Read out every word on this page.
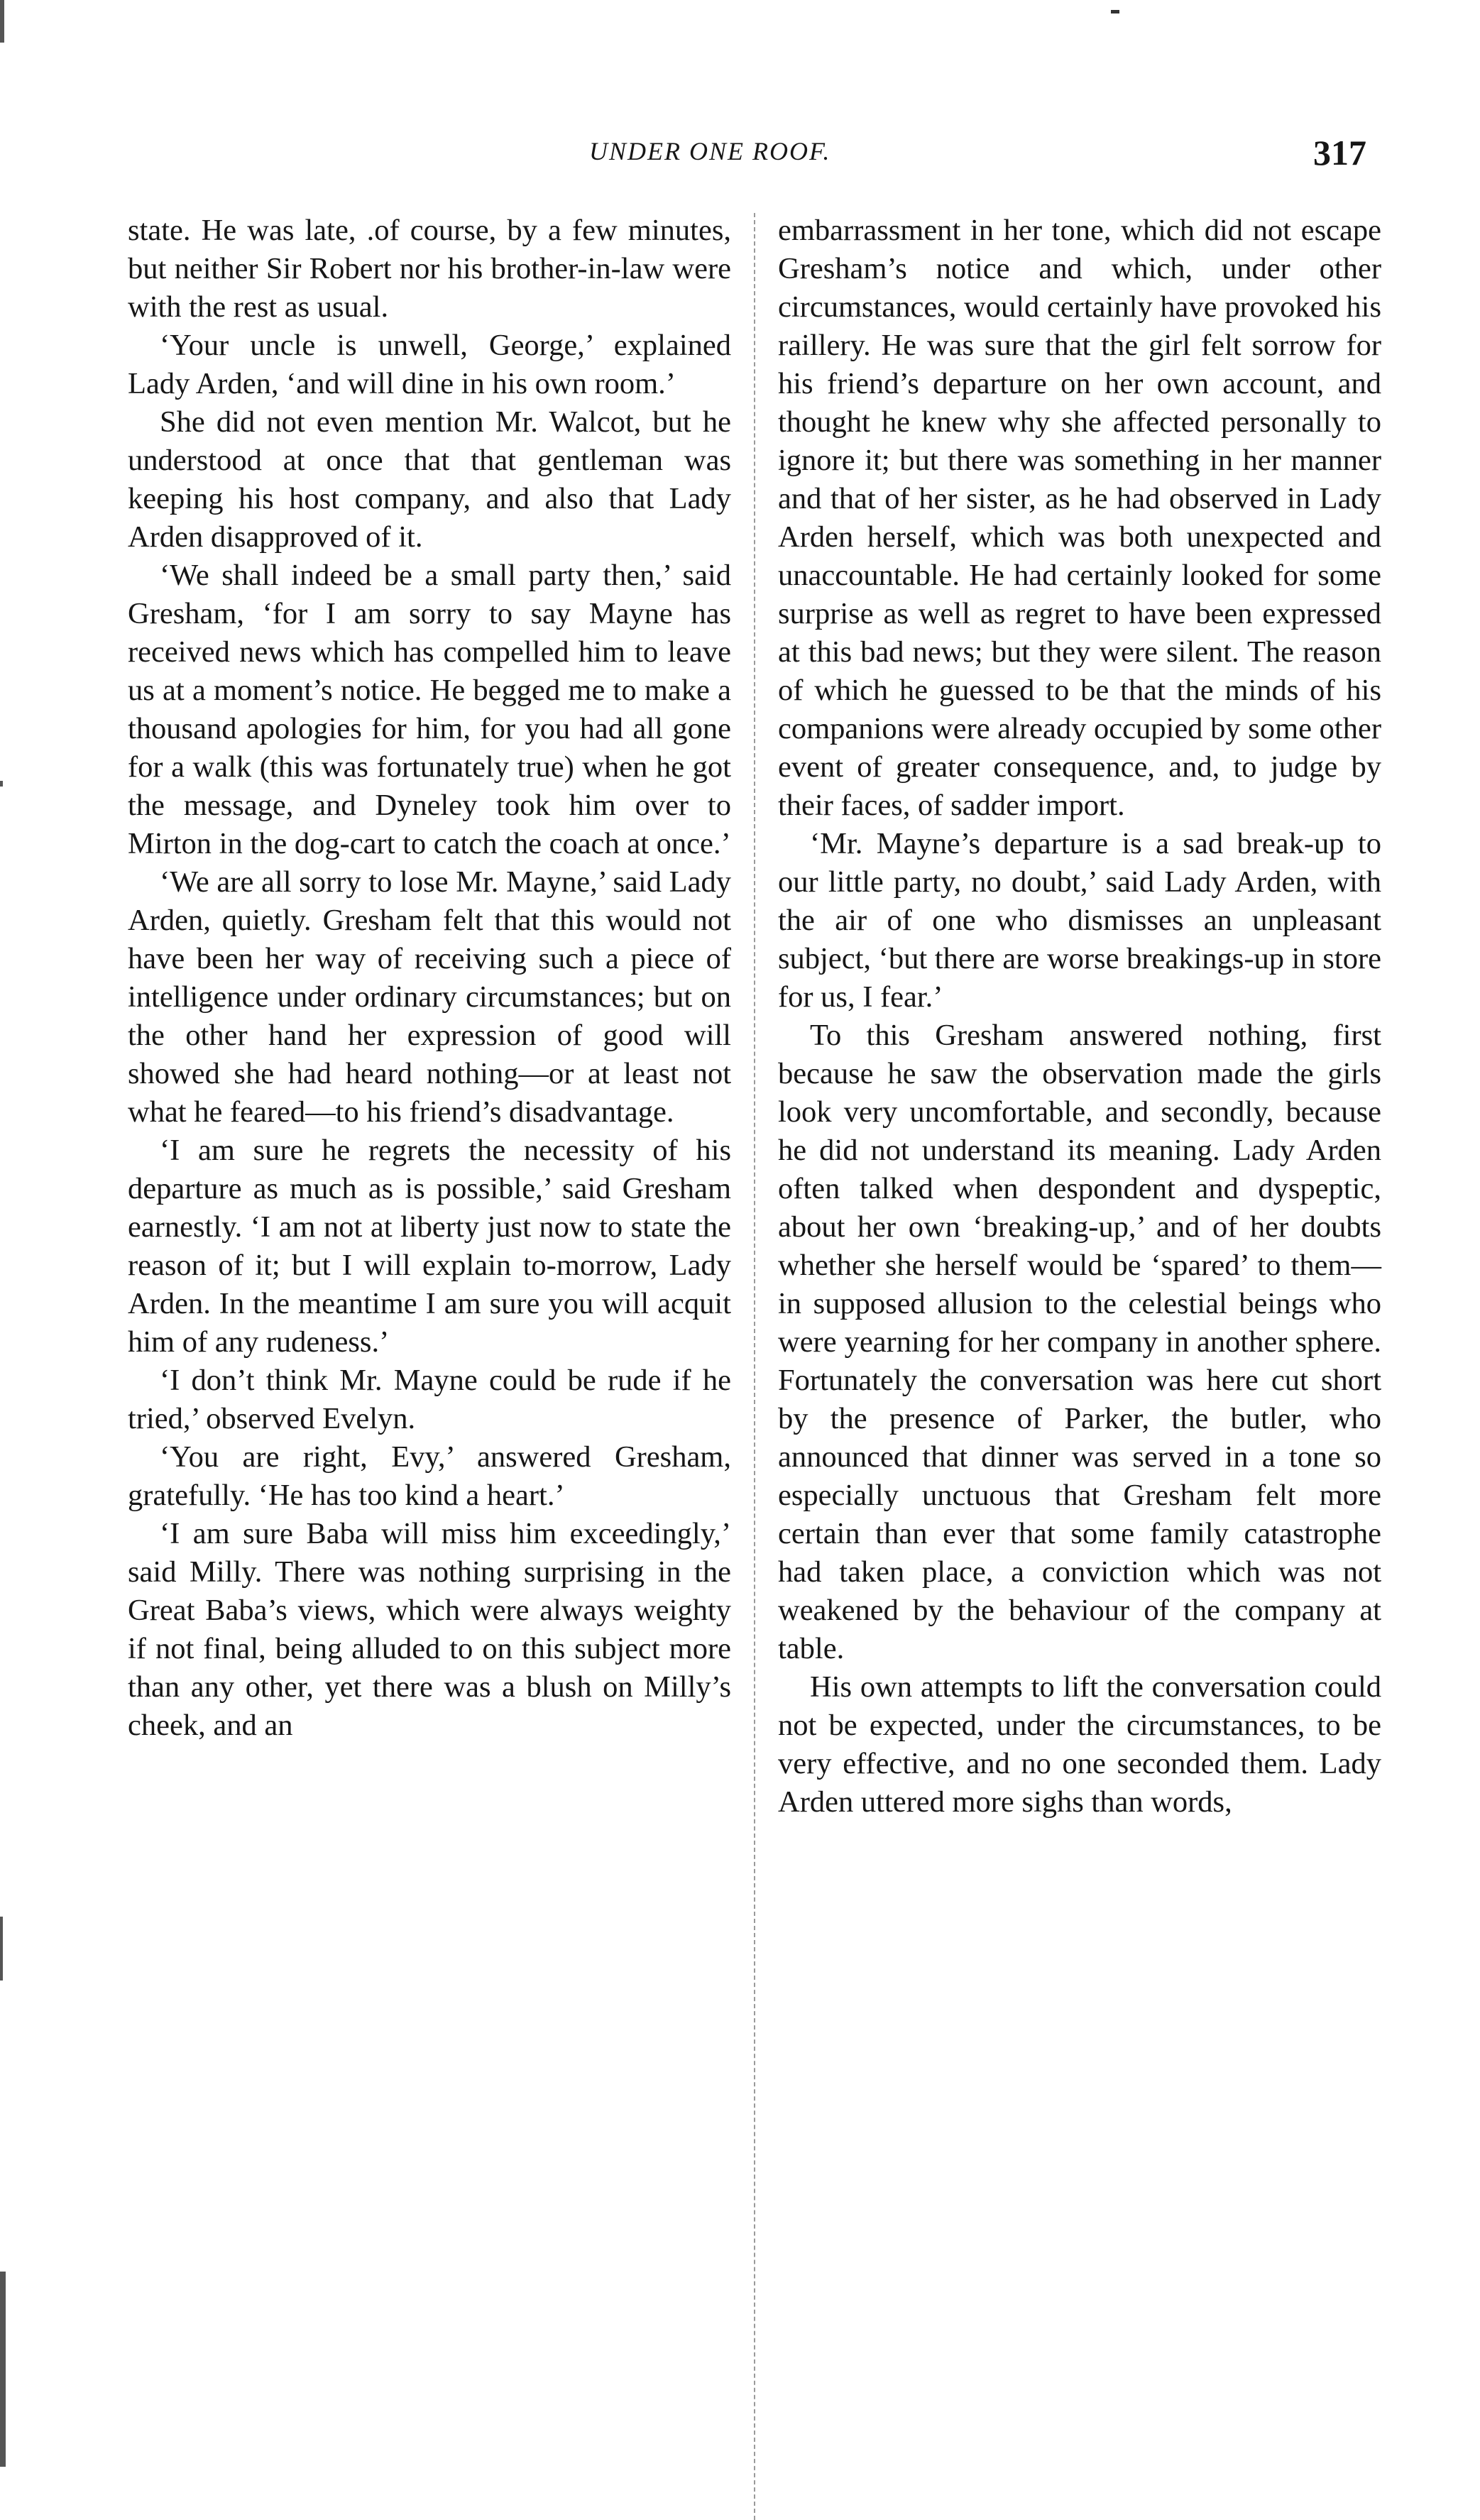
UNDER ONE ROOF.	317

state. He was late, .of course, by a few minutes, but neither Sir Robert nor his brother-in-law were with the rest as usual.

‘Your uncle is unwell, George,’ explained Lady Arden, ‘and will dine in his own room.’

She did not even mention Mr. Walcot, but he understood at once that that gentleman was keeping his host company, and also that Lady Arden disapproved of it.

‘We shall indeed be a small party then,’ said Gresham, ‘for I am sorry to say Mayne has received news which has compelled him to leave us at a moment’s notice. He begged me to make a thousand apologies for him, for you had all gone for a walk (this was fortunately true) when he got the message, and Dyneley took him over to Mirton in the dog-cart to catch the coach at once.’

‘We are all sorry to lose Mr. Mayne,’ said Lady Arden, quietly. Gresham felt that this would not have been her way of receiving such a piece of intelligence under ordinary circumstances; but on the other hand her expression of good will showed she had heard nothing—or at least not what he feared—to his friend’s disadvantage.

‘I am sure he regrets the necessity of his departure as much as is possible,’ said Gresham earnestly. ‘I am not at liberty just now to state the reason of it; but I will explain to-morrow, Lady Arden. In the meantime I am sure you will acquit him of any rudeness.’

‘I don’t think Mr. Mayne could be rude if he tried,’ observed Evelyn.

‘You are right, Evy,’ answered Gresham, gratefully. ‘He has too kind a heart.’

‘I am sure Baba will miss him exceedingly,’ said Milly. There was nothing surprising in the Great Baba’s views, which were always weighty if not final, being alluded to on this subject more than any other, yet there was a blush on Milly’s cheek, and an

embarrassment in her tone, which did not escape Gresham’s notice and which, under other circumstances, would certainly have provoked his raillery. He was sure that the girl felt sorrow for his friend’s departure on her own account, and thought he knew why she affected personally to ignore it; but there was something in her manner and that of her sister, as he had observed in Lady Arden herself, which was both unexpected and unaccountable. He had certainly looked for some surprise as well as regret to have been expressed at this bad news; but they were silent. The reason of which he guessed to be that the minds of his companions were already occupied by some other event of greater consequence, and, to judge by their faces, of sadder import.

‘Mr. Mayne’s departure is a sad break-up to our little party, no doubt,’ said Lady Arden, with the air of one who dismisses an unpleasant subject, ‘but there are worse breakings-up in store for us, I fear.’

To this Gresham answered nothing, first because he saw the observation made the girls look very uncomfortable, and secondly, because he did not understand its meaning. Lady Arden often talked when despondent and dyspeptic, about her own ‘breaking-up,’ and of her doubts whether she herself would be ‘spared’ to them—in supposed allusion to the celestial beings who were yearning for her company in another sphere. Fortunately the conversation was here cut short by the presence of Parker, the butler, who announced that dinner was served in a tone so especially unctuous that Gresham felt more certain than ever that some family catastrophe had taken place, a conviction which was not weakened by the behaviour of the company at table.

His own attempts to lift the conversation could not be expected, under the circumstances, to be very effective, and no one seconded them. Lady Arden uttered more sighs than words,
